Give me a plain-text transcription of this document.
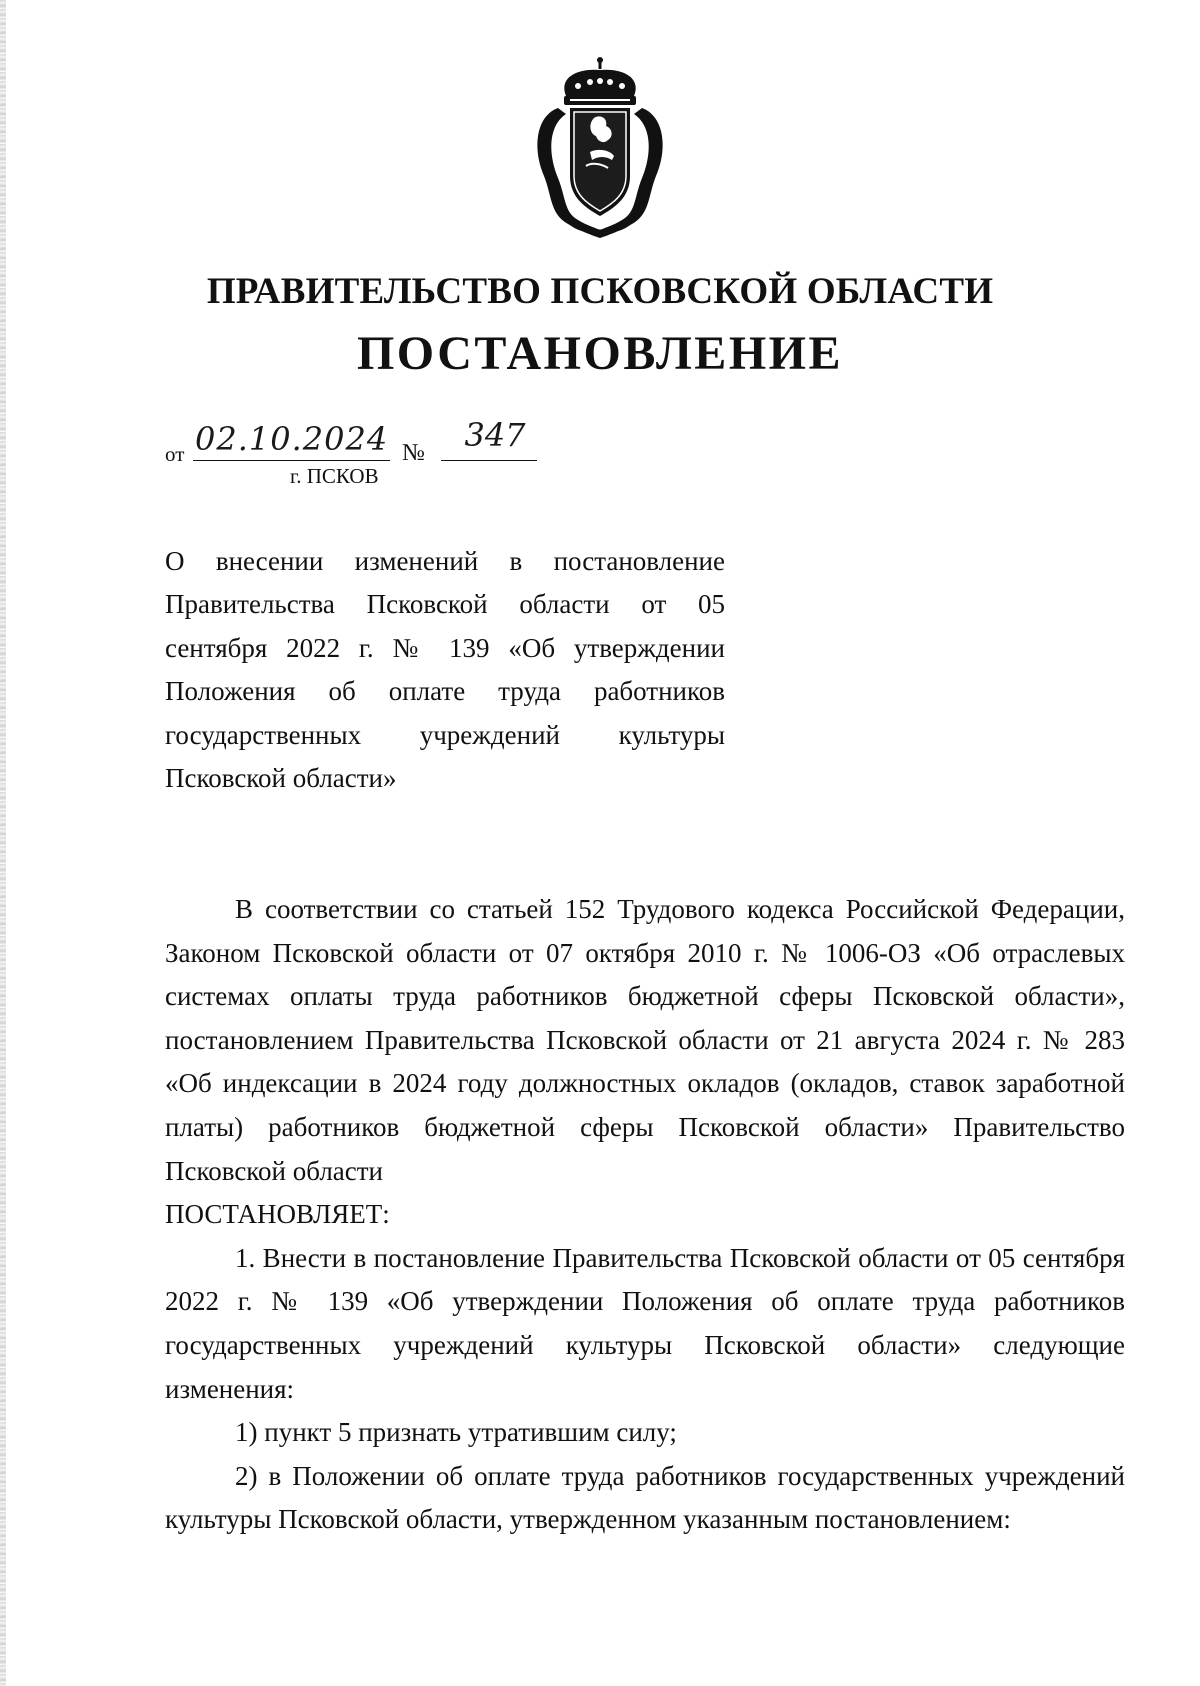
ПРАВИТЕЛЬСТВО ПСКОВСКОЙ ОБЛАСТИ
ПОСТАНОВЛЕНИЕ
от 02.10.2024 №	347
г. ПСКОВ
О внесении изменений в постановление Правительства Псковской области от 05 сентября 2022 г. № 139 «Об утверждении Положения об оплате труда работников государственных учреждений культуры Псковской области»

В соответствии со статьей 152 Трудового кодекса Российской Федерации, Законом Псковской области от 07 октября 2010 г. № 1006-ОЗ «Об отраслевых системах оплаты труда работников бюджетной сферы Псковской области», постановлением Правительства Псковской области от 21 августа 2024 г. № 283 «Об индексации в 2024 году должностных окладов (окладов, ставок заработной платы) работников бюджетной сферы Псковской области» Правительство Псковской области

ПОСТАНОВЛЯЕТ:

1. Внести в постановление Правительства Псковской области от 05 сентября 2022 г. № 139 «Об утверждении Положения об оплате труда работников государственных учреждений культуры Псковской области» следующие изменения:

1) пункт 5 признать утратившим силу;

2) в Положении об оплате труда работников государственных учреждений культуры Псковской области, утвержденном указанным постановлением:
